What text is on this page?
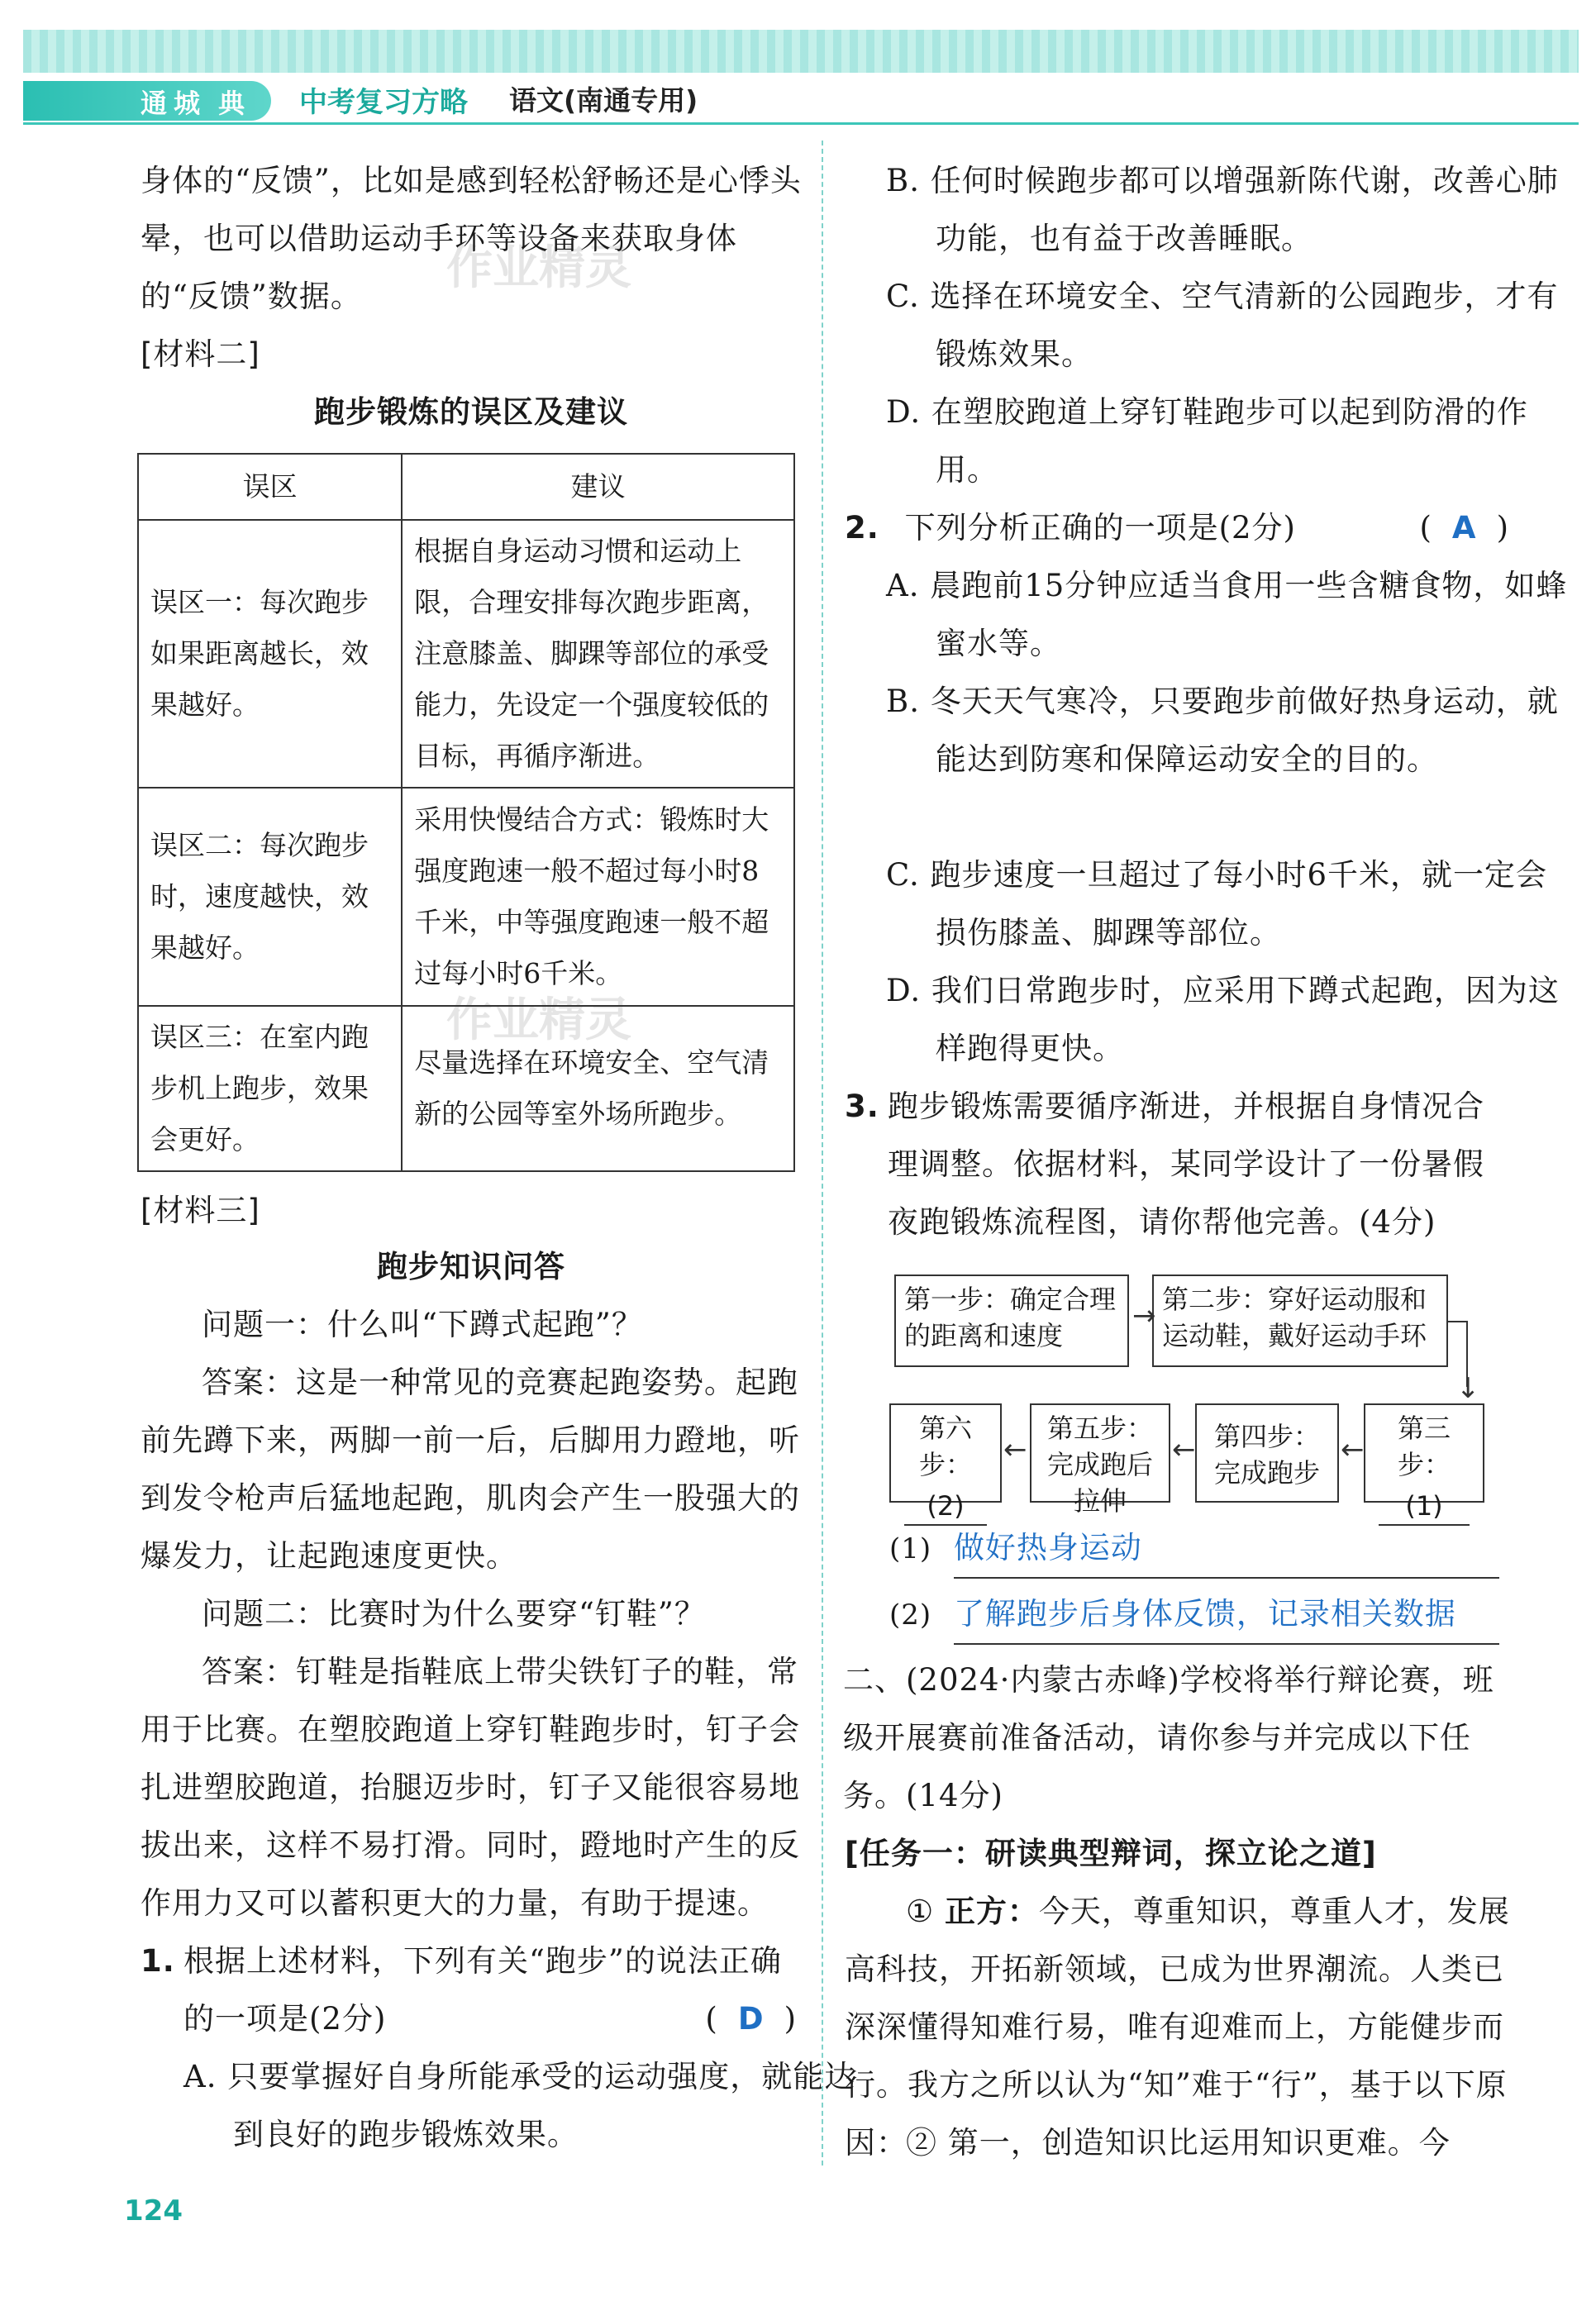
通城 典 中考复习方略 语文(南通专用)
作业精灵
作业精灵

身体的“反馈”，比如是感到轻松舒畅还是心悸头晕，也可以借助运动手环等设备来获取身体的“反馈”数据。

[材料二]

跑步锻炼的误区及建议

误区	建议
误区一：每次跑步如果距离越长，效果越好。	根据自身运动习惯和运动上限，合理安排每次跑步距离，注意膝盖、脚踝等部位的承受能力，先设定一个强度较低的目标，再循序渐进。
误区二：每次跑步时，速度越快，效果越好。	采用快慢结合方式：锻炼时大强度跑速一般不超过每小时8千米，中等强度跑速一般不超过每小时6千米。
误区三：在室内跑步机上跑步，效果会更好。	尽量选择在环境安全、空气清新的公园等室外场所跑步。

[材料三]

跑步知识问答

问题一：什么叫“下蹲式起跑”？

答案：这是一种常见的竞赛起跑姿势。起跑前先蹲下来，两脚一前一后，后脚用力蹬地，听到发令枪声后猛地起跑，肌肉会产生一股强大的爆发力，让起跑速度更快。

问题二：比赛时为什么要穿“钉鞋”？

答案：钉鞋是指鞋底上带尖铁钉子的鞋，常用于比赛。在塑胶跑道上穿钉鞋跑步时，钉子会扎进塑胶跑道，抬腿迈步时，钉子又能很容易地拔出来，这样不易打滑。同时，蹬地时产生的反作用力又可以蓄积更大的力量，有助于提速。

1. 根据上述材料，下列有关“跑步”的说法正确的一项是(2分)	( D )

A. 只要掌握好自身所能承受的运动强度，就能达到良好的跑步锻炼效果。

B. 任何时候跑步都可以增强新陈代谢，改善心肺功能，也有益于改善睡眠。

C. 选择在环境安全、空气清新的公园跑步，才有锻炼效果。

D. 在塑胶跑道上穿钉鞋跑步可以起到防滑的作用。

2. 下列分析正确的一项是(2分)	( A )

A. 晨跑前15分钟应适当食用一些含糖食物，如蜂蜜水等。

B. 冬天天气寒冷，只要跑步前做好热身运动，就能达到防寒和保障运动安全的目的。

C. 跑步速度一旦超过了每小时6千米，就一定会损伤膝盖、脚踝等部位。

D. 我们日常跑步时，应采用下蹲式起跑，因为这样跑得更快。

3. 跑步锻炼需要循序渐进，并根据自身情况合理调整。依据材料，某同学设计了一份暑假夜跑锻炼流程图，请你帮他完善。(4分)
第一步：确定合理的距离和速度
→ 第二步：穿好运动服和运动鞋，戴好运动手环
↓
第三步：
(1)
←
第四步：完成跑步
←
第五步：完成跑后拉伸
←
第六步：
(2)
(1) 做好热身运动
(2) 了解跑步后身体反馈，记录相关数据

二、(2024·内蒙古赤峰)学校将举行辩论赛，班级开展赛前准备活动，请你参与并完成以下任务。(14分)

[任务一：研读典型辩词，探立论之道]

① 正方：今天，尊重知识，尊重人才，发展高科技，开拓新领域，已成为世界潮流。人类已深深懂得知难行易，唯有迎难而上，方能健步而行。我方之所以认为“知”难于“行”，基于以下原因：

② 第一，创造知识比运用知识更难。今

124
